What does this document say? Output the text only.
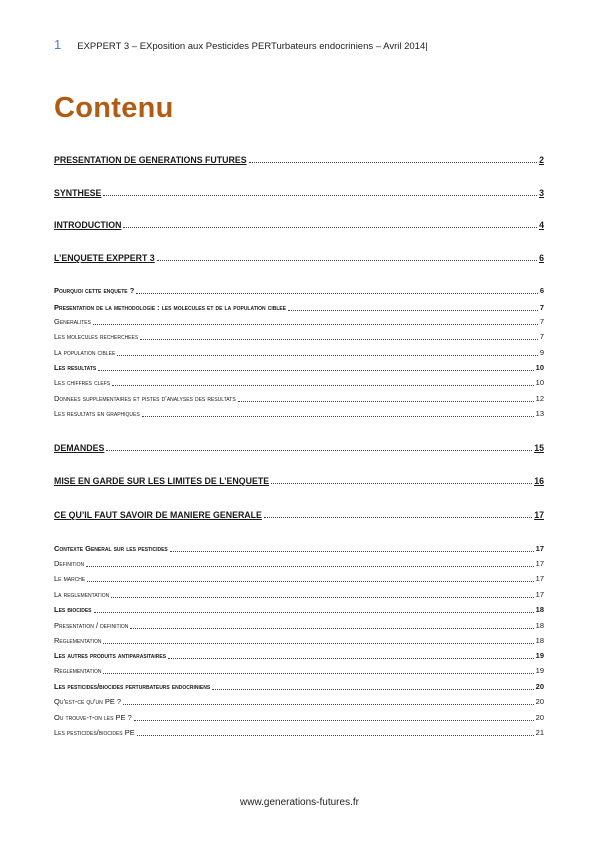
1 EXPPERT 3 – EXposition aux Pesticides PERTurbateurs endocriniens – Avril 2014|
Contenu
PRESENTATION DE GENERATIONS FUTURES	2
SYNTHESE	3
INTRODUCTION	4
L’ENQUETE EXPPERT 3	6
Pourquoi cette enquete ?	6
Presentation de la methodologie : les molecules et de la population ciblee	7
Generalites	7
Les molecules recherchees	7
La population ciblee	9
Les resultats	10
Les chiffres clefs	10
Donnees supplementaires et pistes d’analyses des resultats	12
Les resultats en graphiques	13
DEMANDES	15
MISE EN GARDE SUR LES LIMITES DE L’ENQUETE	16
CE QU’IL FAUT SAVOIR DE MANIERE GENERALE	17
Contexte General sur les pesticides	17
Definition	17
Le marche	17
La reglementation	17
Les biocides	18
Presentation / definition	18
Reglementation	18
Les autres produits antiparasitaires	19
Reglementation	19
Les pesticides/biocides perturbateurs endocriniens	20
Qu’est-ce qu’un PE ?	20
Ou trouve-t-on les PE ?	20
Les pesticides/biocides PE	21
www.generations-futures.fr
